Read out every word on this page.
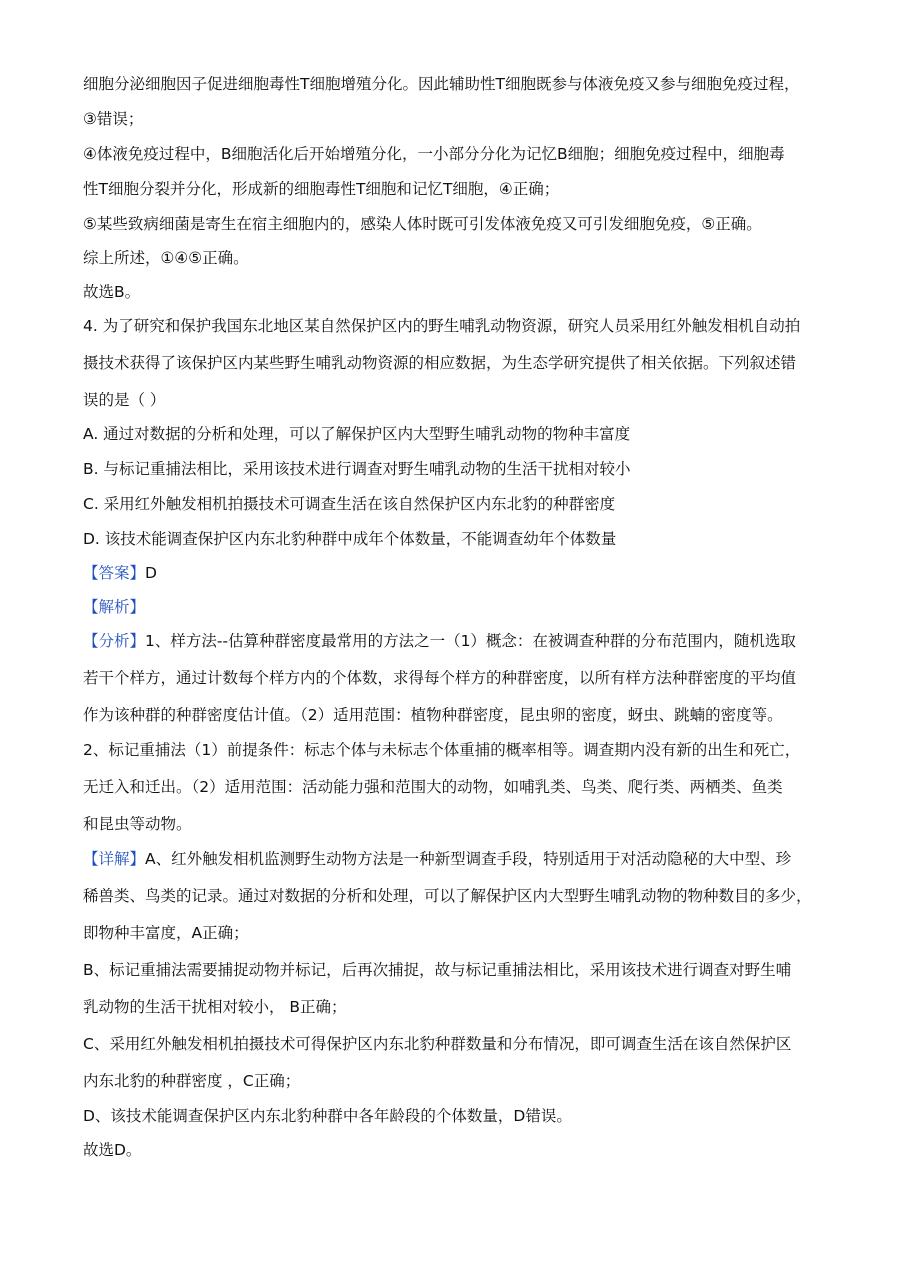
细胞分泌细胞因子促进细胞毒性T细胞增殖分化。因此辅助性T细胞既参与体液免疫又参与细胞免疫过程，

③错误；

④体液免疫过程中，B细胞活化后开始增殖分化，一小部分分化为记忆B细胞；细胞免疫过程中，细胞毒

性T细胞分裂并分化，形成新的细胞毒性T细胞和记忆T细胞，④正确；

⑤某些致病细菌是寄生在宿主细胞内的，感染人体时既可引发体液免疫又可引发细胞免疫，⑤正确。

综上所述，①④⑤正确。

故选B。

4. 为了研究和保护我国东北地区某自然保护区内的野生哺乳动物资源，研究人员采用红外触发相机自动拍

摄技术获得了该保护区内某些野生哺乳动物资源的相应数据，为生态学研究提供了相关依据。下列叙述错

误的是（ ）

A. 通过对数据的分析和处理，可以了解保护区内大型野生哺乳动物的物种丰富度

B. 与标记重捕法相比，采用该技术进行调查对野生哺乳动物的生活干扰相对较小

C. 采用红外触发相机拍摄技术可调查生活在该自然保护区内东北豹的种群密度

D. 该技术能调查保护区内东北豹种群中成年个体数量，不能调查幼年个体数量

【答案】D

【解析】

【分析】1、样方法--估算种群密度最常用的方法之一（1）概念：在被调查种群的分布范围内，随机选取

若干个样方，通过计数每个样方内的个体数，求得每个样方的种群密度，以所有样方法种群密度的平均值

作为该种群的种群密度估计值。（2）适用范围：植物种群密度，昆虫卵的密度，蚜虫、跳蝻的密度等。

2、标记重捕法（1）前提条件：标志个体与未标志个体重捕的概率相等。调查期内没有新的出生和死亡，

无迁入和迁出。（2）适用范围：活动能力强和范围大的动物，如哺乳类、鸟类、爬行类、两栖类、鱼类

和昆虫等动物。

【详解】A、红外触发相机监测野生动物方法是一种新型调查手段，特别适用于对活动隐秘的大中型、珍

稀兽类、鸟类的记录。通过对数据的分析和处理，可以了解保护区内大型野生哺乳动物的物种数目的多少，

即物种丰富度，A正确；

B、标记重捕法需要捕捉动物并标记，后再次捕捉，故与标记重捕法相比，采用该技术进行调查对野生哺

乳动物的生活干扰相对较小， B正确；

C、采用红外触发相机拍摄技术可得保护区内东北豹种群数量和分布情况，即可调查生活在该自然保护区

内东北豹的种群密度 ，C正确；

D、该技术能调查保护区内东北豹种群中各年龄段的个体数量，D错误。

故选D。
